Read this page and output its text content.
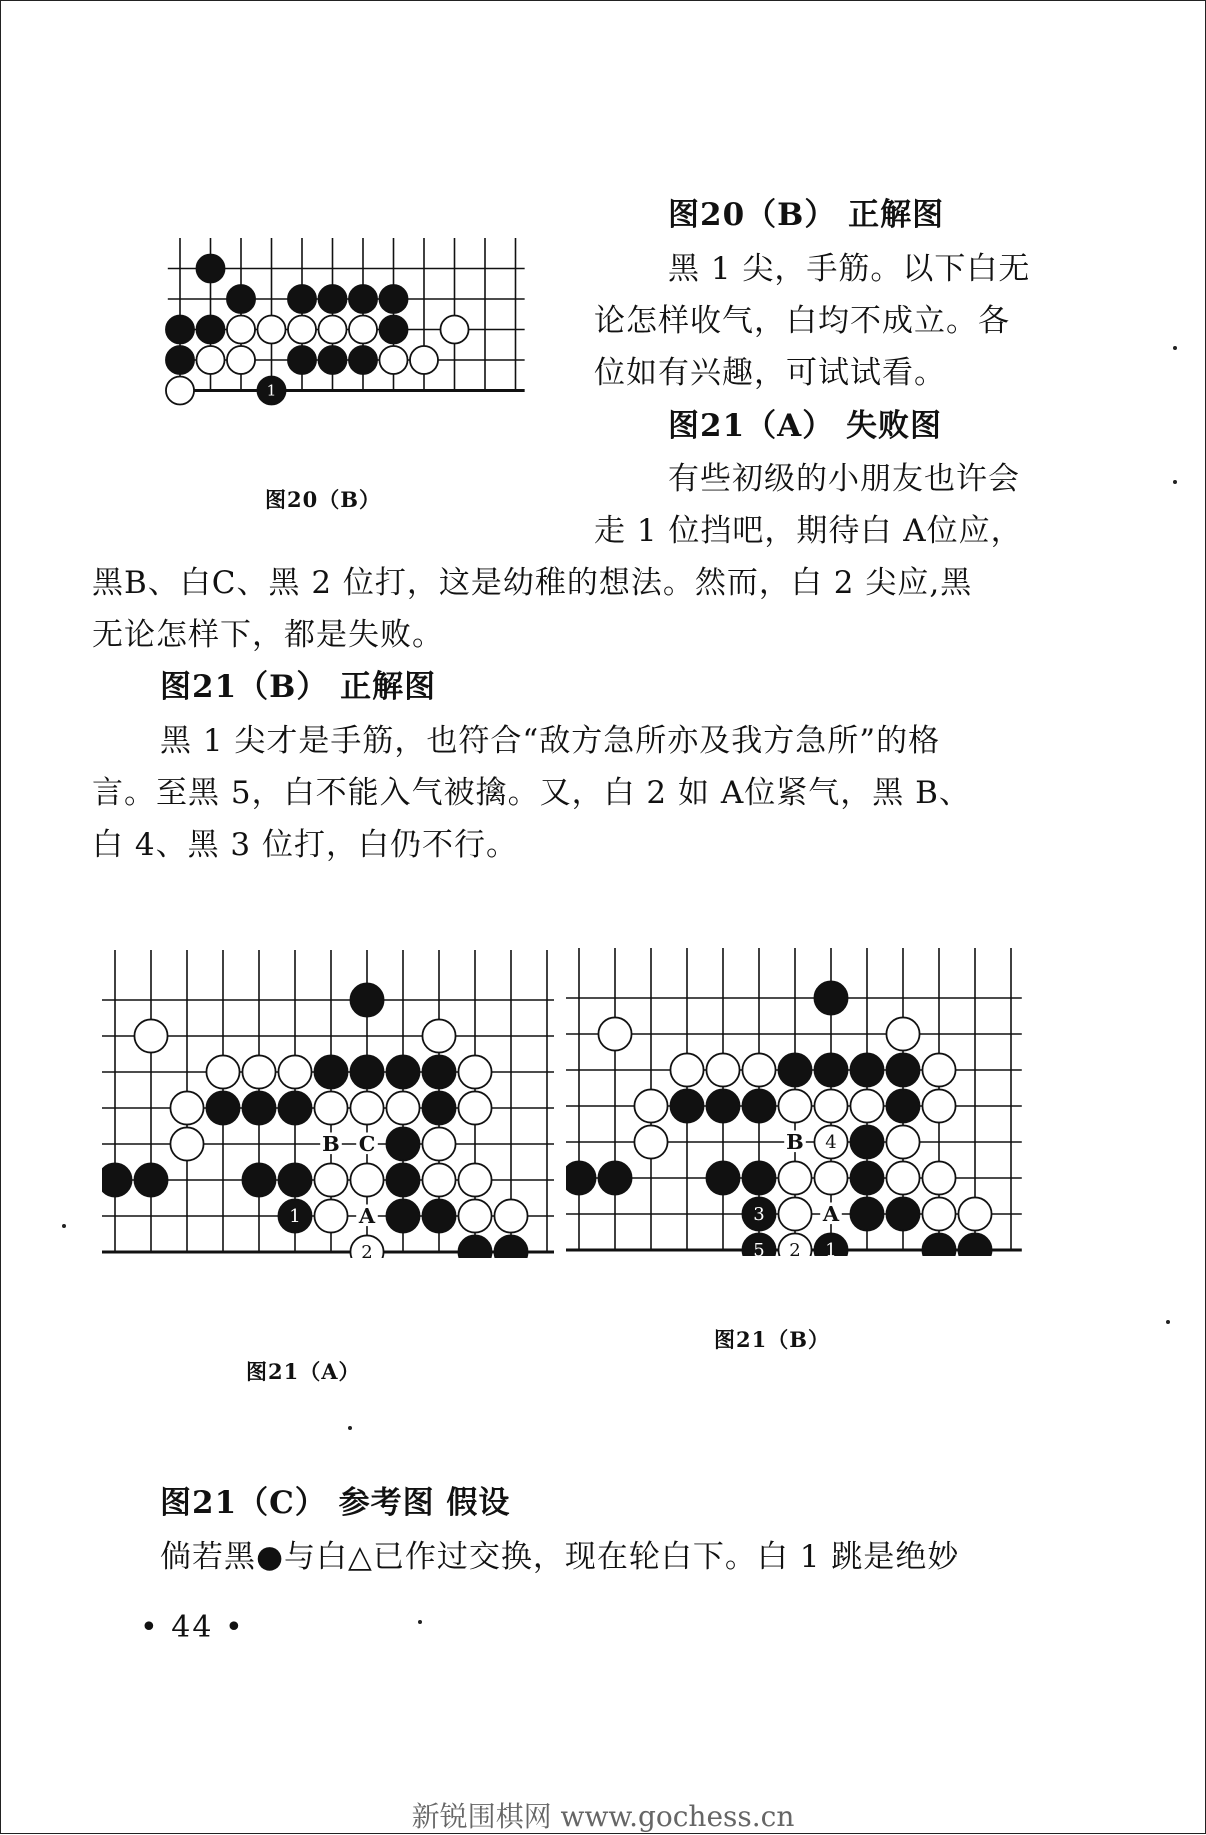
1
图20（B）
图20（B） 正解图
黑 1 尖，手筋。以下白无
论怎样收气，白均不成立。各
位如有兴趣，可试试看。
图21（A） 失败图
有些初级的小朋友也许会
走 1 位挡吧，期待白 A位应，
黑B、白C、黑 2 位打，这是幼稚的想法。然而，白 2 尖应,黑
无论怎样下，都是失败。
图21（B） 正解图
黑 1 尖才是手筋，也符合“敌方急所亦及我方急所”的格
言。至黑 5，白不能入气被擒。又，白 2 如 A位紧气，黑 B、
白 4、黑 3 位打，白仍不行。
1
2
B C
A
图21（A）
4
3
5 2 1
B
A
图21（B）
图21（C） 参考图 假设
倘若黑●与白△已作过交换，现在轮白下。白 1 跳是绝妙
• 44 •
新锐围棋网 www.gochess.cn
